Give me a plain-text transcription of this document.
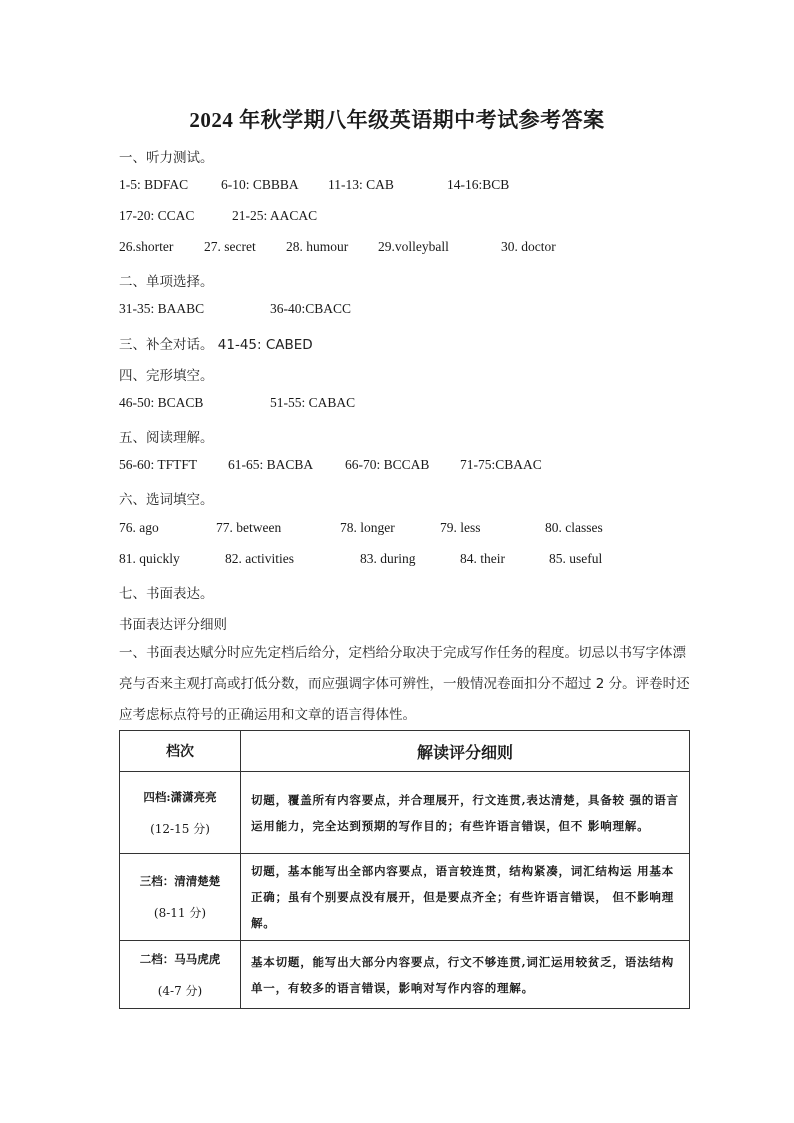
2024 年秋学期八年级英语期中考试参考答案
一、听力测试。
1-5: BDFAC 6-10: CBBBA 11-13: CAB	14-16:BCB
17-20: CCAC	21-25: AACAC
26.shorter 27. secret 28. humour 29.volleyball	30. doctor
二、单项选择。
31-35: BAABC	36-40:CBACC
三、补全对话。 41-45: CABED
四、完形填空。
46-50: BCACB	51-55: CABAC
五、阅读理解。
56-60: TFTFT 61-65: BACBA 66-70: BCCAB 71-75:CBAAC
六、选词填空。
76. ago	77. between	78. longer	79. less	80. classes
81. quickly	82. activities	83. during	84. their	85. useful
七、书面表达。
书面表达评分细则
一、书面表达赋分时应先定档后给分，定档给分取决于完成写作任务的程度。切忌以书写字体漂亮与否来主观打高或打低分数，而应强调字体可辨性，一般情况卷面扣分不超过 2 分。评卷时还应考虑标点符号的正确运用和文章的语言得体性。
档次	解读评分细则

四档:潇潇亮亮
(12-15 分)	切题，覆盖所有内容要点，并合理展开，行文连贯,表达清楚，具备较 强的语言运用能力，完全达到预期的写作目的；有些许语言错误，但不 影响理解。

三档：清清楚楚
(8-11 分)	切题，基本能写出全部内容要点，语言较连贯，结构紧凑，词汇结构运 用基本正确；虽有个别要点没有展开，但是要点齐全；有些许语言错误， 但不影响理解。

二档：马马虎虎
(4-7 分)	基本切题，能写出大部分内容要点，行文不够连贯,词汇运用较贫乏，语法结构单一，有较多的语言错误，影响对写作内容的理解。
